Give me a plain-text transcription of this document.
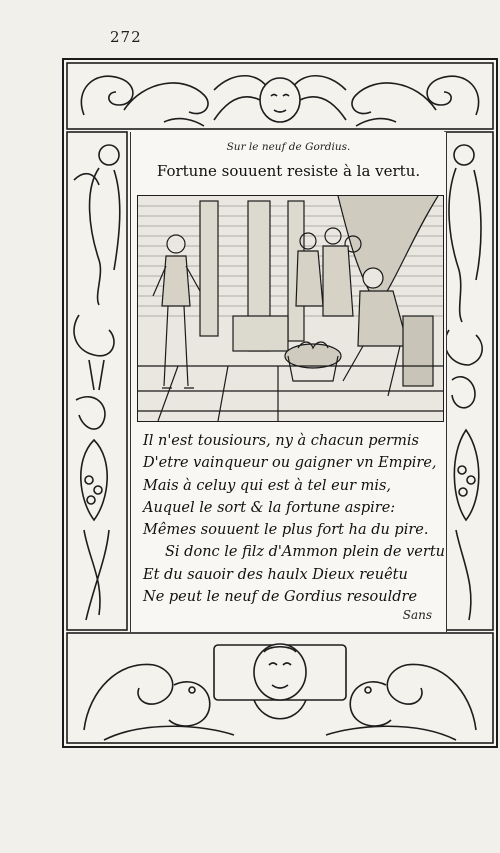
272
Sur le neuf de Gordius.
Fortune souuent resiste à la vertu.
Il n'est tousiours, ny à chacun permis
D'etre vainqueur ou gaigner vn Empire,
Mais à celuy qui est à tel eur mis,
Auquel le sort & la fortune aspire:
Mêmes souuent le plus fort ha du pire.
Si donc le filz d'Ammon plein de vertu
Et du sauoir des haulx Dieux reuêtu
Ne peut le neuf de Gordius resouldre
Sans
